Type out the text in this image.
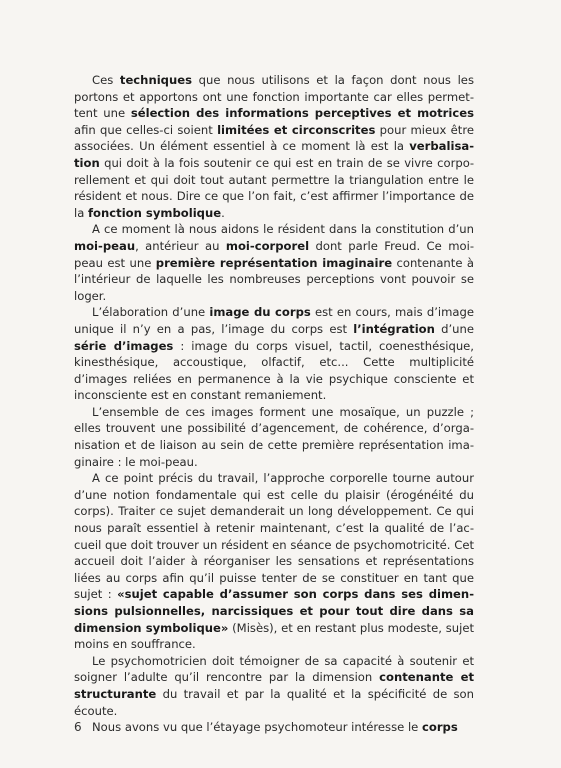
Ces techniques que nous utilisons et la façon dont nous les portons et apportons ont une fonction importante car elles permettent une sélection des informations perceptives et motrices afin que celles-ci soient limitées et circonscrites pour mieux être associées. Un élément essentiel à ce moment là est la verbalisation qui doit à la fois soutenir ce qui est en train de se vivre corporellement et qui doit tout autant permettre la triangulation entre le résident et nous. Dire ce que l’on fait, c’est affirmer l’importance de la fonction symbolique.

A ce moment là nous aidons le résident dans la constitution d’un moi-peau, antérieur au moi-corporel dont parle Freud. Ce moi-peau est une première représentation imaginaire contenante à l’intérieur de laquelle les nombreuses perceptions vont pouvoir se loger.

L’élaboration d’une image du corps est en cours, mais d’image unique il n’y en a pas, l’image du corps est l’intégration d’une série d’images : image du corps visuel, tactil, coenesthésique, kinesthésique, accoustique, olfactif, etc... Cette multiplicité d’images reliées en permanence à la vie psychique consciente et inconsciente est en constant remaniement.

L’ensemble de ces images forment une mosaïque, un puzzle ; elles trouvent une possibilité d’agencement, de cohérence, d’organisation et de liaison au sein de cette première représentation imaginaire : le moi-peau.

A ce point précis du travail, l’approche corporelle tourne autour d’une notion fondamentale qui est celle du plaisir (érogénéité du corps). Traiter ce sujet demanderait un long développement. Ce qui nous paraît essentiel à retenir maintenant, c’est la qualité de l’accueil que doit trouver un résident en séance de psychomotricité. Cet accueil doit l’aider à réorganiser les sensations et représentations liées au corps afin qu’il puisse tenter de se constituer en tant que sujet : «sujet capable d’assumer son corps dans ses dimensions pulsionnelles, narcissiques et pour tout dire dans sa dimension symbolique» (Misès), et en restant plus modeste, sujet moins en souffrance.

Le psychomotricien doit témoigner de sa capacité à soutenir et soigner l’adulte qu’il rencontre par la dimension contenante et structurante du travail et par la qualité et la spécificité de son écoute.

Nous avons vu que l’étayage psychomoteur intéresse le corps

6
